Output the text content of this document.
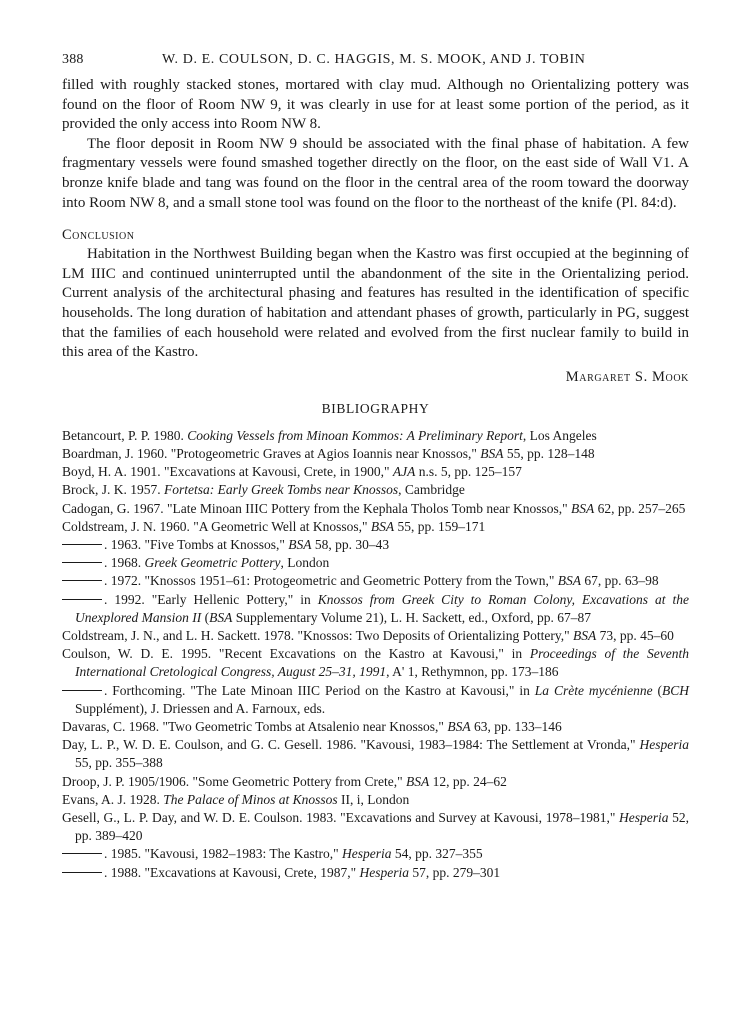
388	W. D. E. COULSON, D. C. HAGGIS, M. S. MOOK, AND J. TOBIN

filled with roughly stacked stones, mortared with clay mud. Although no Orientalizing pottery was found on the floor of Room NW 9, it was clearly in use for at least some portion of the period, as it provided the only access into Room NW 8.

The floor deposit in Room NW 9 should be associated with the final phase of habitation. A few fragmentary vessels were found smashed together directly on the floor, on the east side of Wall V1. A bronze knife blade and tang was found on the floor in the central area of the room toward the doorway into Room NW 8, and a small stone tool was found on the floor to the northeast of the knife (Pl. 84:d).

Conclusion

Habitation in the Northwest Building began when the Kastro was first occupied at the beginning of LM IIIC and continued uninterrupted until the abandonment of the site in the Orientalizing period. Current analysis of the architectural phasing and features has resulted in the identification of specific households. The long duration of habitation and attendant phases of growth, particularly in PG, suggest that the families of each household were related and evolved from the first nuclear family to build in this area of the Kastro.

Margaret S. Mook
BIBLIOGRAPHY
Betancourt, P. P. 1980. Cooking Vessels from Minoan Kommos: A Preliminary Report, Los Angeles
Boardman, J. 1960. "Protogeometric Graves at Agios Ioannis near Knossos," BSA 55, pp. 128–148
Boyd, H. A. 1901. "Excavations at Kavousi, Crete, in 1900," AJA n.s. 5, pp. 125–157
Brock, J. K. 1957. Fortetsa: Early Greek Tombs near Knossos, Cambridge
Cadogan, G. 1967. "Late Minoan IIIC Pottery from the Kephala Tholos Tomb near Knossos," BSA 62, pp. 257–265
Coldstream, J. N. 1960. "A Geometric Well at Knossos," BSA 55, pp. 159–171
. 1963. "Five Tombs at Knossos," BSA 58, pp. 30–43
. 1968. Greek Geometric Pottery, London
. 1972. "Knossos 1951–61: Protogeometric and Geometric Pottery from the Town," BSA 67, pp. 63–98
. 1992. "Early Hellenic Pottery," in Knossos from Greek City to Roman Colony, Excavations at the Unexplored Mansion II (BSA Supplementary Volume 21), L. H. Sackett, ed., Oxford, pp. 67–87
Coldstream, J. N., and L. H. Sackett. 1978. "Knossos: Two Deposits of Orientalizing Pottery," BSA 73, pp. 45–60
Coulson, W. D. E. 1995. "Recent Excavations on the Kastro at Kavousi," in Proceedings of the Seventh International Cretological Congress, August 25–31, 1991, A' 1, Rethymnon, pp. 173–186
. Forthcoming. "The Late Minoan IIIC Period on the Kastro at Kavousi," in La Crète mycénienne (BCH Supplément), J. Driessen and A. Farnoux, eds.
Davaras, C. 1968. "Two Geometric Tombs at Atsalenio near Knossos," BSA 63, pp. 133–146
Day, L. P., W. D. E. Coulson, and G. C. Gesell. 1986. "Kavousi, 1983–1984: The Settlement at Vronda," Hesperia 55, pp. 355–388
Droop, J. P. 1905/1906. "Some Geometric Pottery from Crete," BSA 12, pp. 24–62
Evans, A. J. 1928. The Palace of Minos at Knossos II, i, London
Gesell, G., L. P. Day, and W. D. E. Coulson. 1983. "Excavations and Survey at Kavousi, 1978–1981," Hesperia 52, pp. 389–420
. 1985. "Kavousi, 1982–1983: The Kastro," Hesperia 54, pp. 327–355
. 1988. "Excavations at Kavousi, Crete, 1987," Hesperia 57, pp. 279–301
